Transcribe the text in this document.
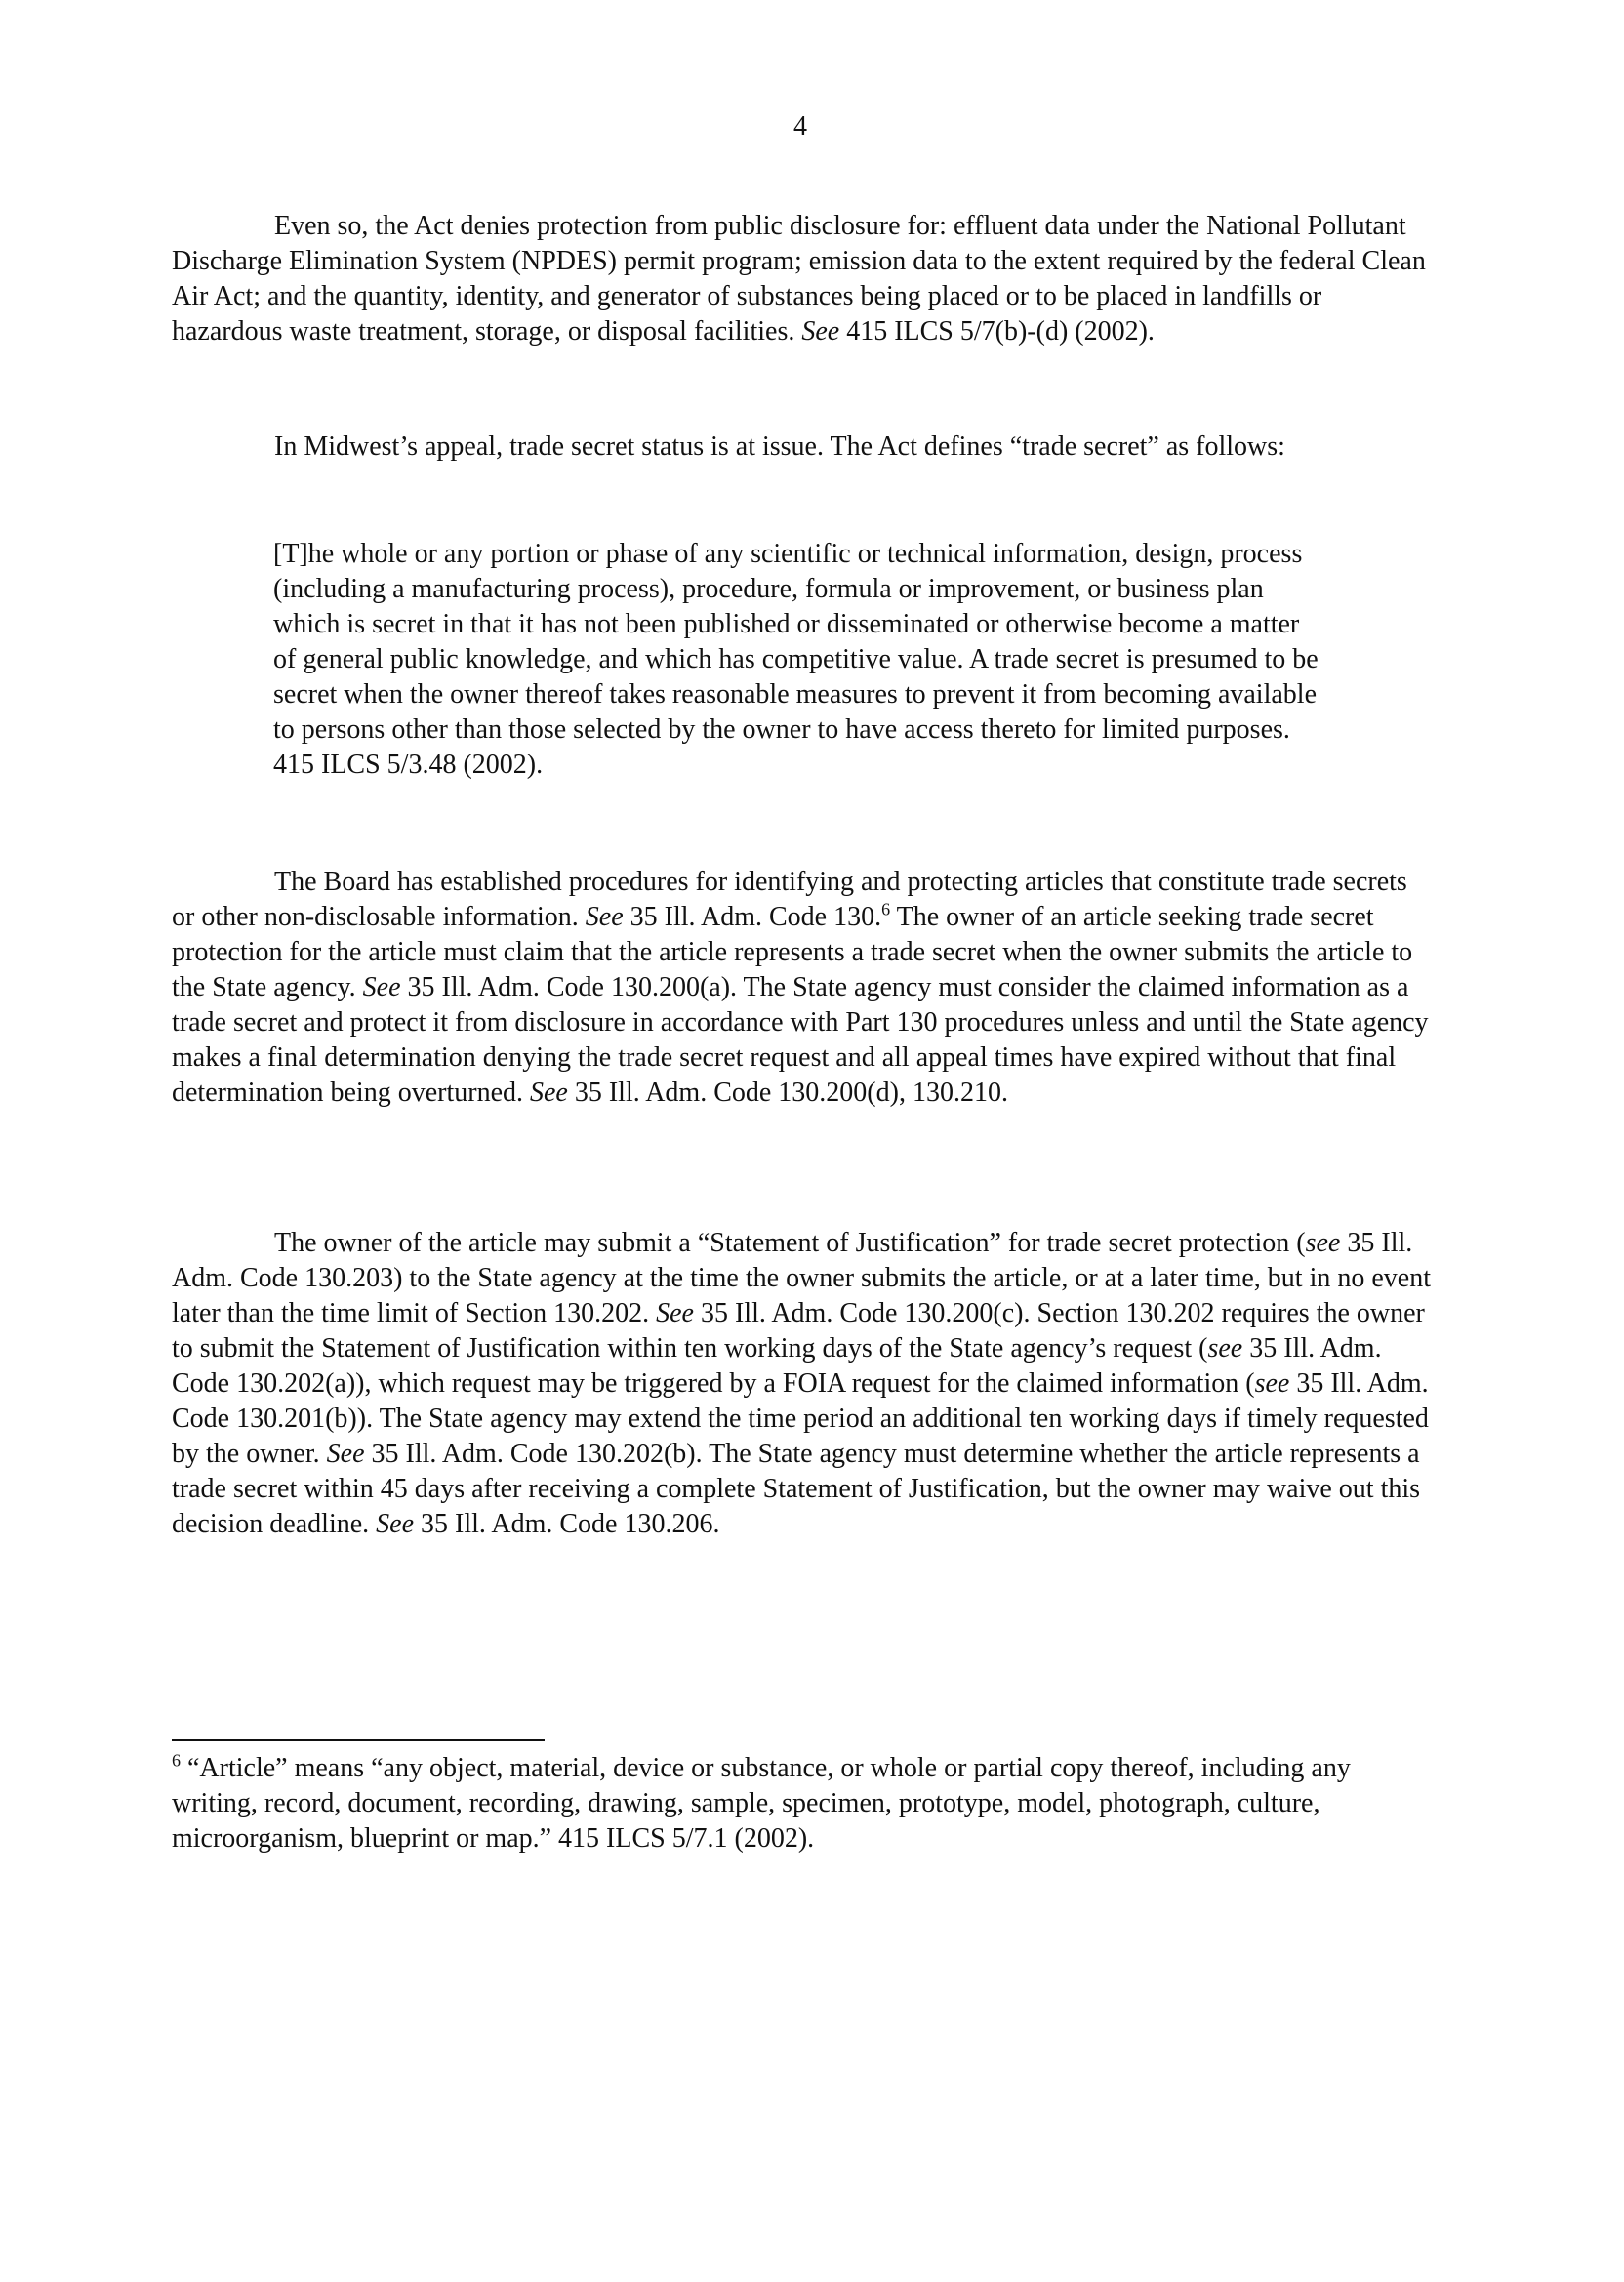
4

Even so, the Act denies protection from public disclosure for: effluent data under the National Pollutant Discharge Elimination System (NPDES) permit program; emission data to the extent required by the federal Clean Air Act; and the quantity, identity, and generator of substances being placed or to be placed in landfills or hazardous waste treatment, storage, or disposal facilities. See 415 ILCS 5/7(b)-(d) (2002).

In Midwest’s appeal, trade secret status is at issue. The Act defines “trade secret” as follows:

[T]he whole or any portion or phase of any scientific or technical information, design, process (including a manufacturing process), procedure, formula or improvement, or business plan which is secret in that it has not been published or disseminated or otherwise become a matter of general public knowledge, and which has competitive value. A trade secret is presumed to be secret when the owner thereof takes reasonable measures to prevent it from becoming available to persons other than those selected by the owner to have access thereto for limited purposes. 415 ILCS 5/3.48 (2002).

The Board has established procedures for identifying and protecting articles that constitute trade secrets or other non-disclosable information. See 35 Ill. Adm. Code 130.$^6$ The owner of an article seeking trade secret protection for the article must claim that the article represents a trade secret when the owner submits the article to the State agency. See 35 Ill. Adm. Code 130.200(a). The State agency must consider the claimed information as a trade secret and protect it from disclosure in accordance with Part 130 procedures unless and until the State agency makes a final determination denying the trade secret request and all appeal times have expired without that final determination being overturned. See 35 Ill. Adm. Code 130.200(d), 130.210.

The owner of the article may submit a “Statement of Justification” for trade secret protection (see 35 Ill. Adm. Code 130.203) to the State agency at the time the owner submits the article, or at a later time, but in no event later than the time limit of Section 130.202. See 35 Ill. Adm. Code 130.200(c). Section 130.202 requires the owner to submit the Statement of Justification within ten working days of the State agency’s request (see 35 Ill. Adm. Code 130.202(a)), which request may be triggered by a FOIA request for the claimed information (see 35 Ill. Adm. Code 130.201(b)). The State agency may extend the time period an additional ten working days if timely requested by the owner. See 35 Ill. Adm. Code 130.202(b). The State agency must determine whether the article represents a trade secret within 45 days after receiving a complete Statement of Justification, but the owner may waive out this decision deadline. See 35 Ill. Adm. Code 130.206.

$^6$ “Article” means “any object, material, device or substance, or whole or partial copy thereof, including any writing, record, document, recording, drawing, sample, specimen, prototype, model, photograph, culture, microorganism, blueprint or map.” 415 ILCS 5/7.1 (2002).
